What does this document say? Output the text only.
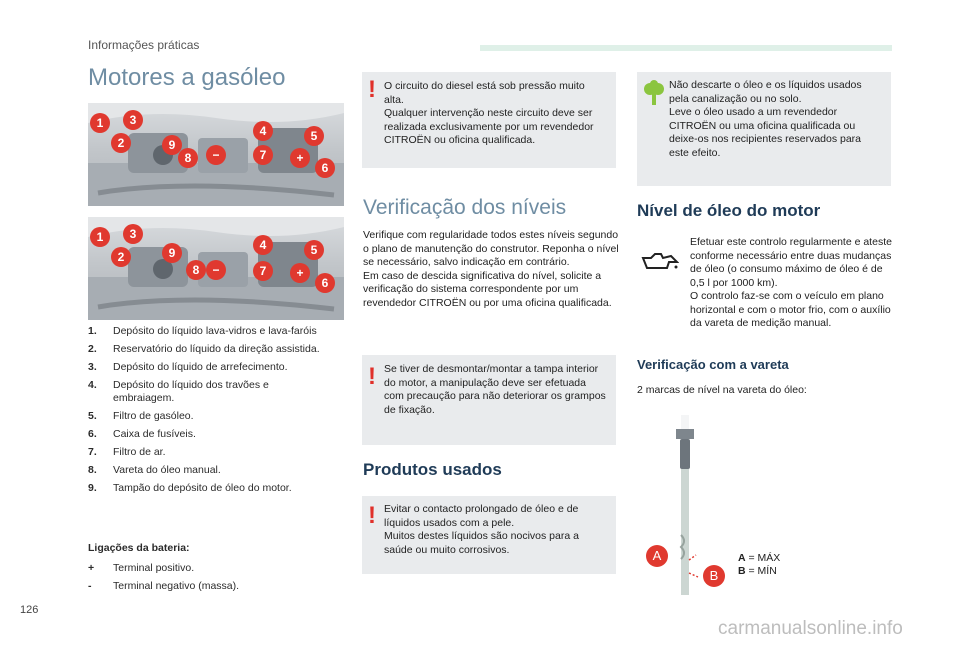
Informações práticas
Motores a gasóleo
1	3
2	9
8	−
4	5
7	+
6
1	3
2	9
8	−
4	5
7	+
6
1.	Depósito do líquido lava-vidros e lava-faróis
2.	Reservatório do líquido da direção assistida.
3.	Depósito do líquido de arrefecimento.
4.	Depósito do líquido dos travões e embraiagem.
5.	Filtro de gasóleo.
6.	Caixa de fusíveis.
7.	Filtro de ar.
8.	Vareta do óleo manual.
9.	Tampão do depósito de óleo do motor.
Ligações da bateria:
+	Terminal positivo.
-	Terminal negativo (massa).
! O circuito do diesel está sob pressão muito alta.
Qualquer intervenção neste circuito deve ser realizada exclusivamente por um revendedor CITROËN ou oficina qualificada.
Verificação dos níveis
Verifique com regularidade todos estes níveis segundo o plano de manutenção do construtor. Reponha o nível se necessário, salvo indicação em contrário.
Em caso de descida significativa do nível, solicite a verificação do sistema correspondente por um revendedor CITROËN ou por uma oficina qualificada.
! Se tiver de desmontar/montar a tampa interior do motor, a manipulação deve ser efetuada com precaução para não deteriorar os grampos de fixação.
Produtos usados
! Evitar o contacto prolongado de óleo e de líquidos usados com a pele.
Muitos destes líquidos são nocivos para a saúde ou muito corrosivos.
Não descarte o óleo e os líquidos usados pela canalização ou no solo.
Leve o óleo usado a um revendedor CITROËN ou uma oficina qualificada ou deixe-os nos recipientes reservados para este efeito.
Nível de óleo do motor
Efetuar este controlo regularmente e ateste conforme necessário entre duas mudanças de óleo (o consumo máximo de óleo é de 0,5 l por 1000 km).
O controlo faz-se com o veículo em plano horizontal e com o motor frio, com o auxílio da vareta de medição manual.
Verificação com a vareta
2 marcas de nível na vareta do óleo:
A
B
A = MÁX
B = MÍN
126
carmanualsonline.info
